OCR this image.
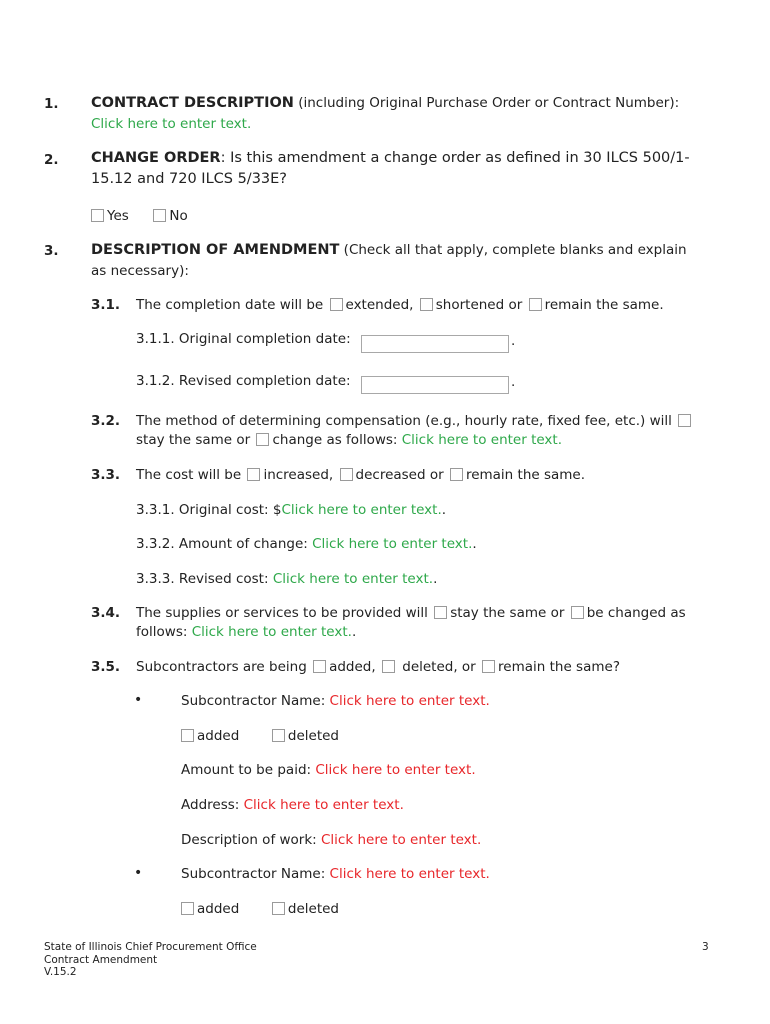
1. CONTRACT DESCRIPTION (including Original Purchase Order or Contract Number):
Click here to enter text.
2. CHANGE ORDER: Is this amendment a change order as defined in 30 ILCS 500/1-
15.12 and 720 ILCS 5/33E?
Yes	No
3. DESCRIPTION OF AMENDMENT (Check all that apply, complete blanks and explain
as necessary):
3.1. The completion date will be extended, shortened or remain the same.
3.1.1. Original completion date:	.
3.1.2. Revised completion date:	.
3.2. The method of determining compensation (e.g., hourly rate, fixed fee, etc.) will
stay the same or change as follows: Click here to enter text.
3.3. The cost will be increased, decreased or remain the same.
3.3.1. Original cost: $Click here to enter text..
3.3.2. Amount of change: Click here to enter text..
3.3.3. Revised cost: Click here to enter text..
3.4. The supplies or services to be provided will stay the same or be changed as
follows: Click here to enter text..
3.5. Subcontractors are being added,  deleted, or remain the same?
•	Subcontractor Name: Click here to enter text.
added	deleted
Amount to be paid: Click here to enter text.
Address: Click here to enter text.
Description of work: Click here to enter text.
•	Subcontractor Name: Click here to enter text.
added	deleted
State of Illinois Chief Procurement Office
Contract Amendment
V.15.2
3
